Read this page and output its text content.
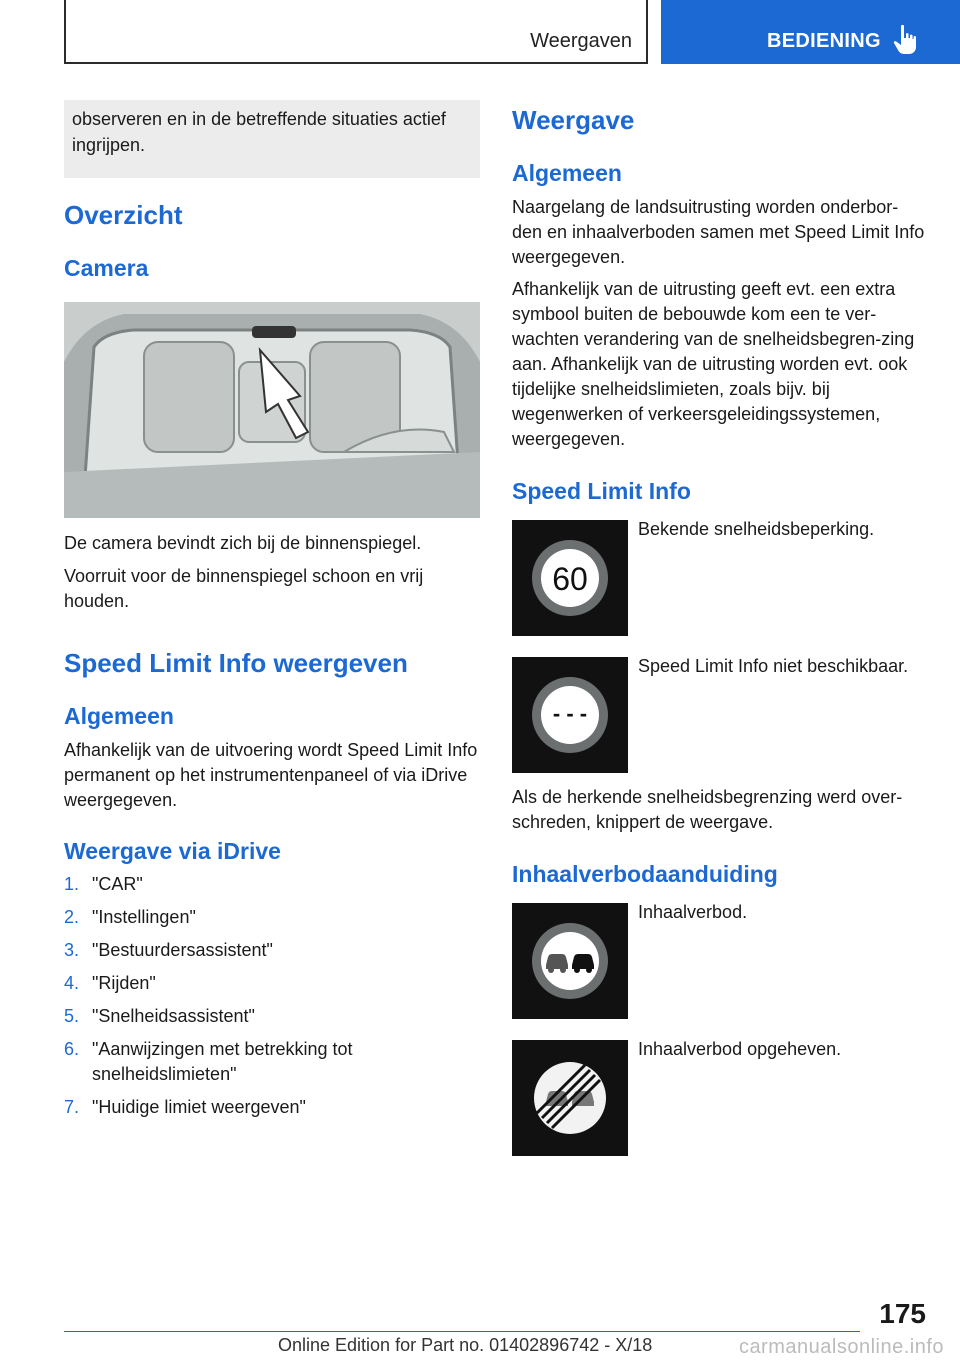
Weergaven	BEDIENING
observeren en in de betreffende situaties actief ingrijpen.
Overzicht
Camera

De camera bevindt zich bij de binnenspiegel.

Voorruit voor de binnenspiegel schoon en vrij houden.

Speed Limit Info weergeven
Algemeen

Afhankelijk van de uitvoering wordt Speed Limit Info permanent op het instrumentenpaneel of via iDrive weergegeven.

Weergave via iDrive
1. "CAR"
2. "Instellingen"
3. "Bestuurdersassistent"
4. "Rijden"
5. "Snelheidsassistent"
6. "Aanwijzingen met betrekking tot snelheidslimieten"
7. "Huidige limiet weergeven"
Weergave
Algemeen

Naargelang de landsuitrusting worden onderbor-den en inhaalverboden samen met Speed Limit Info weergegeven.

Afhankelijk van de uitrusting geeft evt. een extra symbool buiten de bebouwde kom een te ver-wachten verandering van de snelheidsbegren-zing aan. Afhankelijk van de uitrusting worden evt. ook tijdelijke snelheidslimieten, zoals bijv. bij wegenwerken of verkeersgeleidingssystemen, weergegeven.

Speed Limit Info
60

Bekende snelheidsbeperking.

- - -

Speed Limit Info niet beschikbaar.

Als de herkende snelheidsbegrenzing werd over-schreden, knippert de weergave.

Inhaalverbodaanduiding

Inhaalverbod.

Inhaalverbod opgeheven.

175
Online Edition for Part no. 01402896742 - X/18	carmanualsonline.info
